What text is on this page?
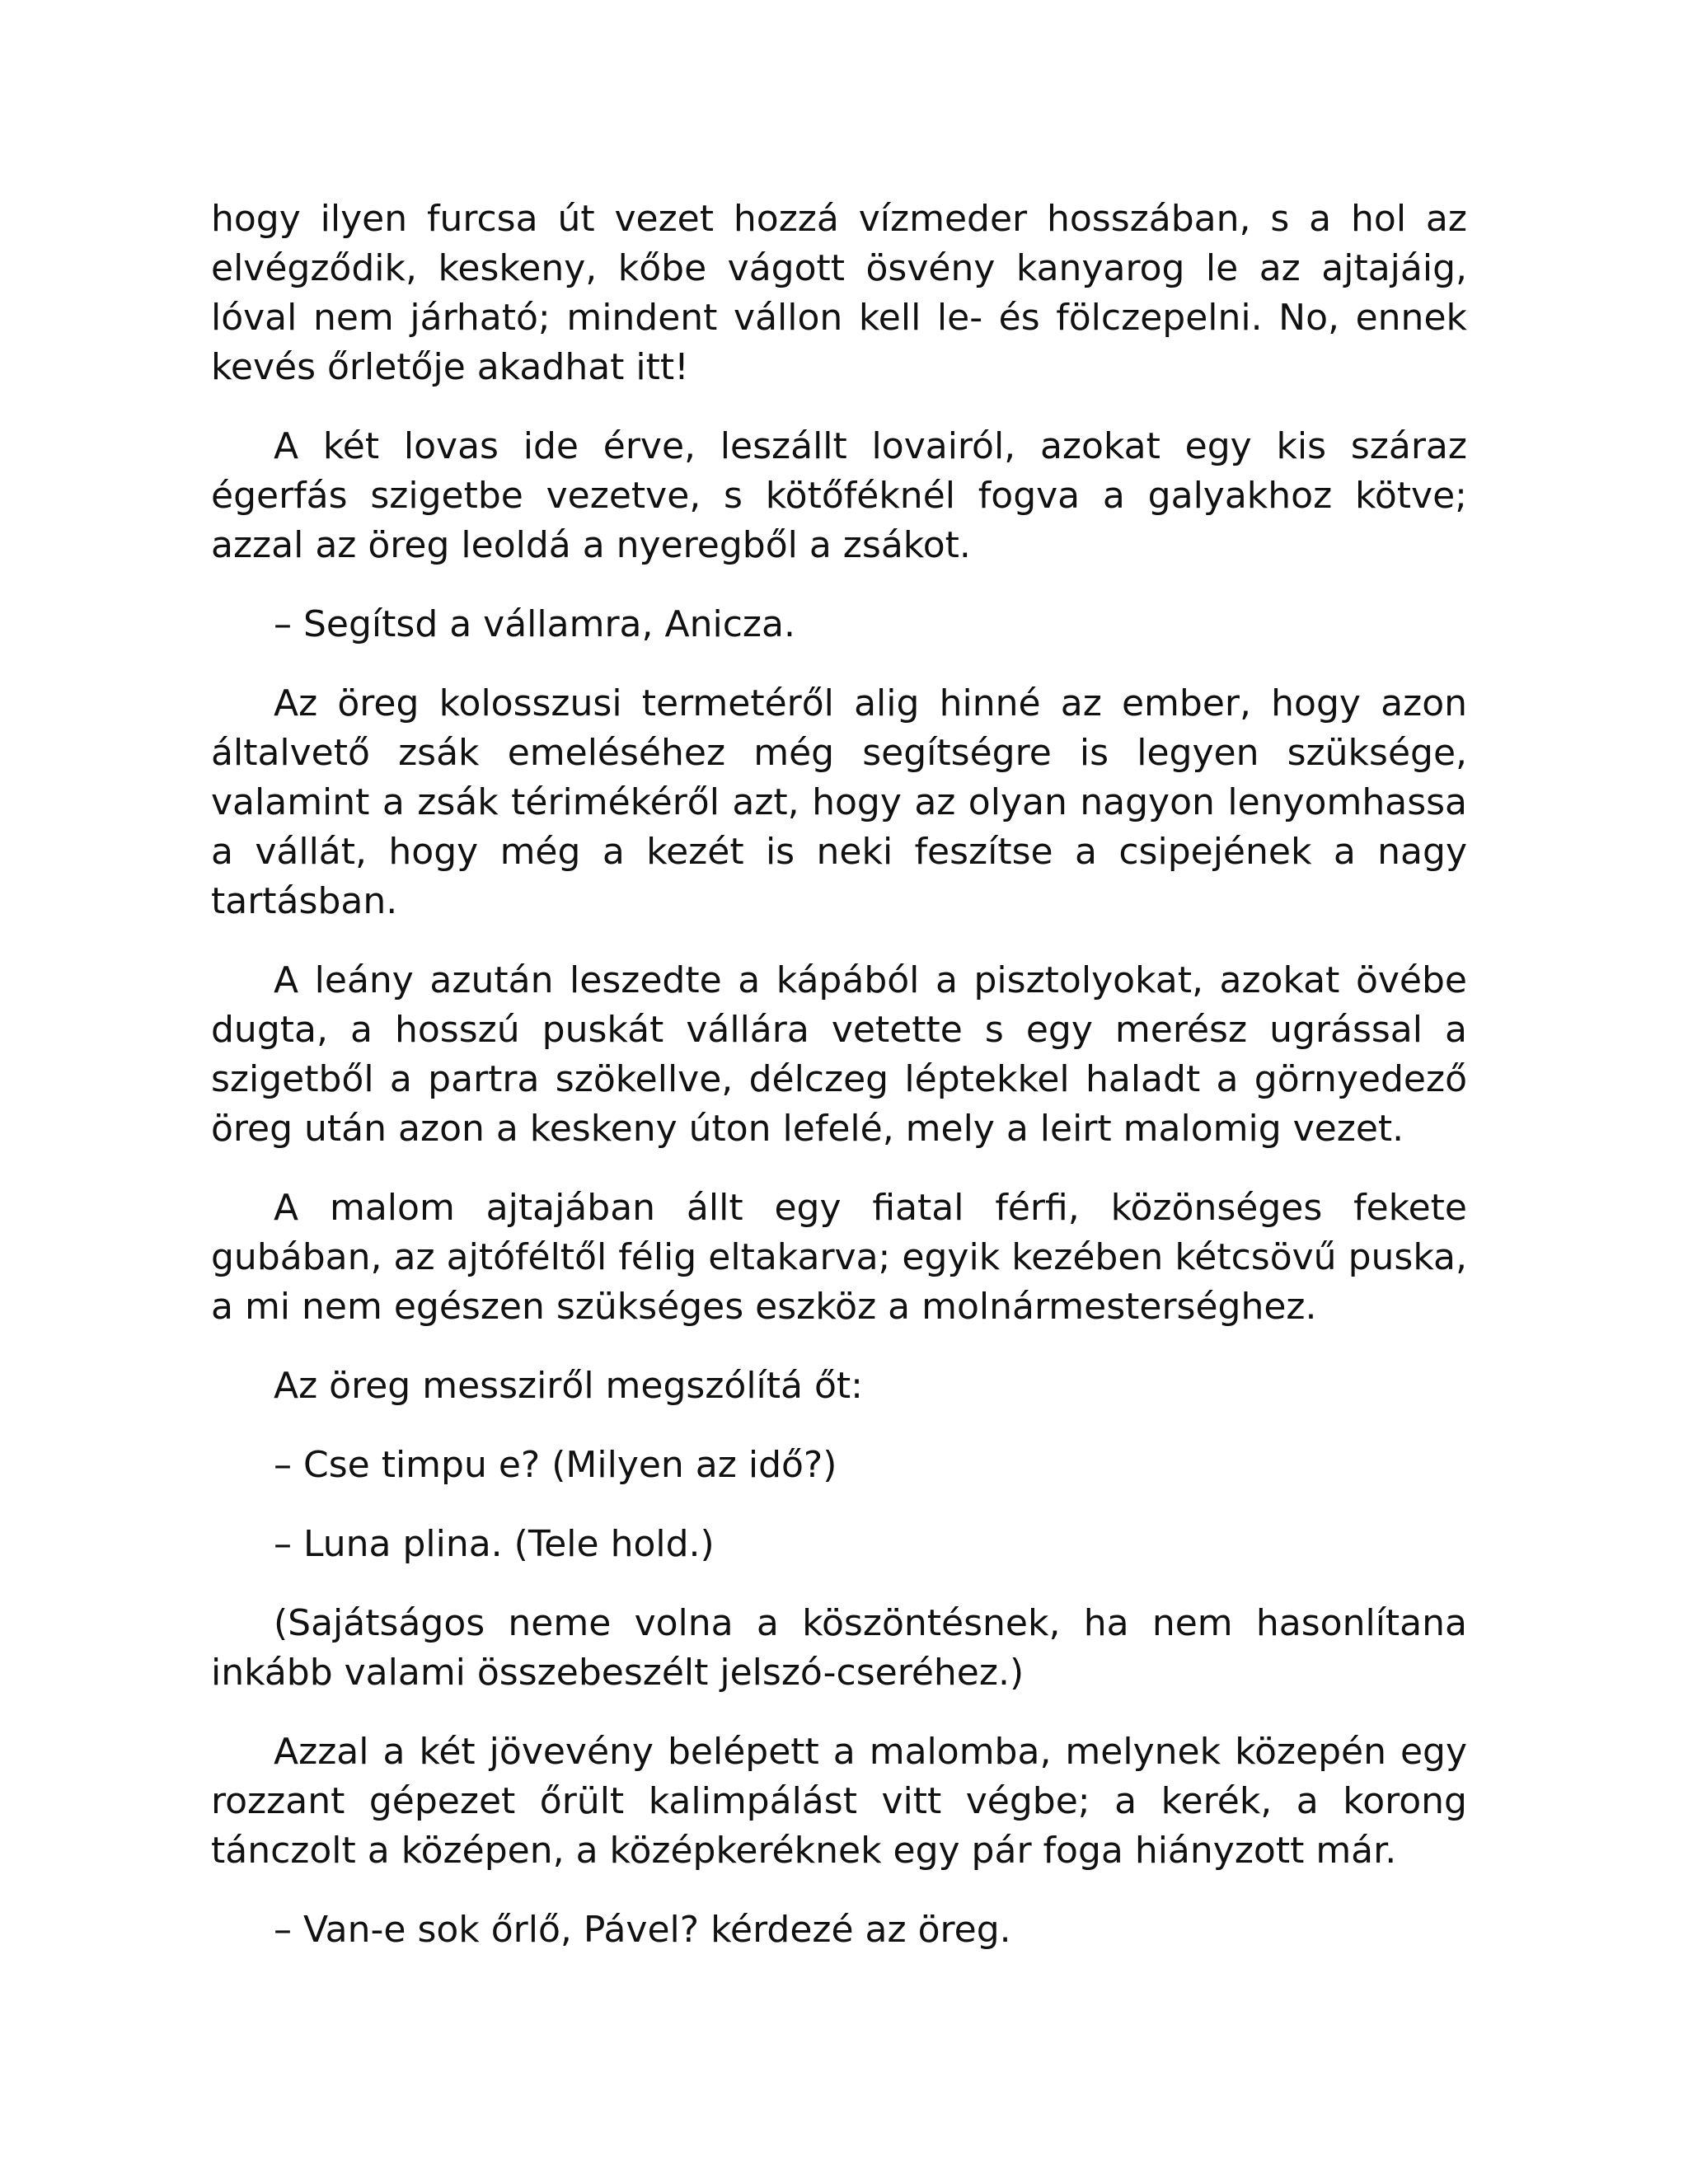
hogy ilyen furcsa út vezet hozzá vízmeder hosszában, s a hol az elvégződik, keskeny, kőbe vágott ösvény kanyarog le az ajtajáig, lóval nem járható; mindent vállon kell le- és fölczepelni. No, ennek kevés őrletője akadhat itt!

A két lovas ide érve, leszállt lovairól, azokat egy kis száraz égerfás szigetbe vezetve, s kötőféknél fogva a galyakhoz kötve; azzal az öreg leoldá a nyeregből a zsákot.

– Segítsd a vállamra, Anicza.

Az öreg kolosszusi termetéről alig hinné az ember, hogy azon általvető zsák emeléséhez még segítségre is legyen szüksége, valamint a zsák térimékéről azt, hogy az olyan nagyon lenyomhassa a vállát, hogy még a kezét is neki feszítse a csipejének a nagy tartásban.

A leány azután leszedte a kápából a pisztolyokat, azokat övébe dugta, a hosszú puskát vállára vetette s egy merész ugrással a szigetből a partra szökellve, délczeg léptekkel haladt a görnyedező öreg után azon a keskeny úton lefelé, mely a leirt malomig vezet.

A malom ajtajában állt egy fiatal férfi, közönséges fekete gubában, az ajtóféltől félig eltakarva; egyik kezében kétcsövű puska, a mi nem egészen szükséges eszköz a molnármesterséghez.

Az öreg messziről megszólítá őt:

– Cse timpu e? (Milyen az idő?)

– Luna plina. (Tele hold.)

(Sajátságos neme volna a köszöntésnek, ha nem hasonlítana inkább valami összebeszélt jelszó-cseréhez.)

Azzal a két jövevény belépett a malomba, melynek közepén egy rozzant gépezet őrült kalimpálást vitt végbe; a kerék, a korong tánczolt a középen, a középkeréknek egy pár foga hiányzott már.

– Van-e sok őrlő, Pável? kérdezé az öreg.
